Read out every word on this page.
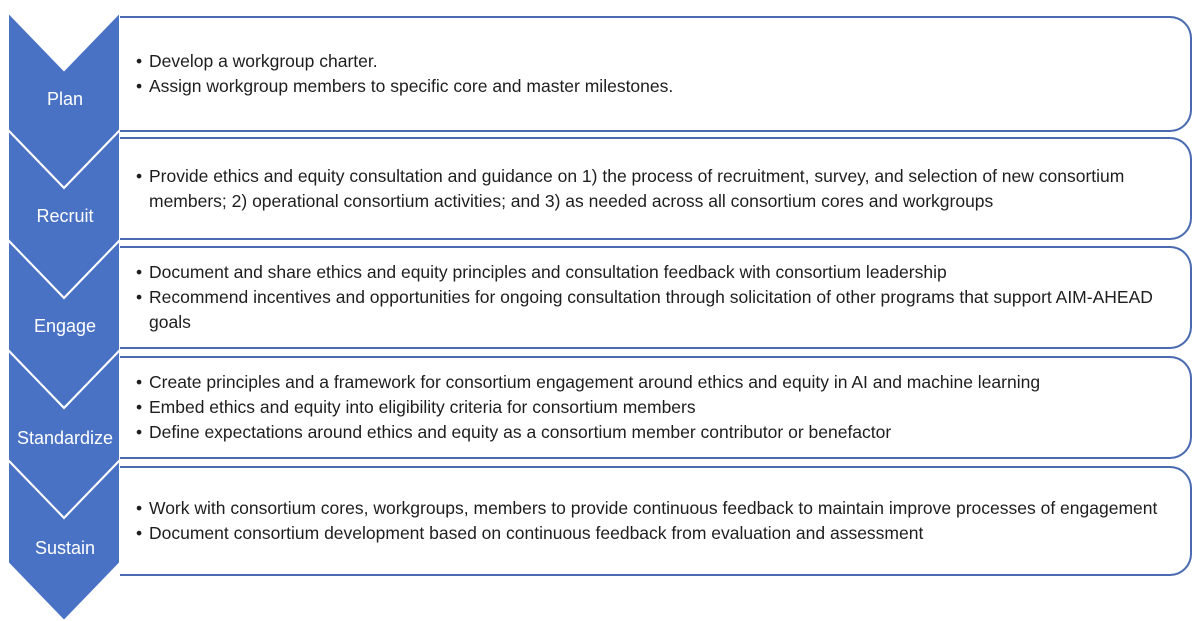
Plan
Recruit
Engage
Standardize
Sustain
• Develop a workgroup charter.
• Assign workgroup members to specific core and master milestones.
• Provide ethics and equity consultation and guidance on 1) the process of recruitment, survey, and selection of new consortium members; 2) operational consortium activities; and 3) as needed across all consortium cores and workgroups
• Document and share ethics and equity principles and consultation feedback with consortium leadership
• Recommend incentives and opportunities for ongoing consultation through solicitation of other programs that support AIM-AHEAD goals
• Create principles and a framework for consortium engagement around ethics and equity in AI and machine learning
• Embed ethics and equity into eligibility criteria for consortium members
• Define expectations around ethics and equity as a consortium member contributor or benefactor
• Work with consortium cores, workgroups, members to provide continuous feedback to maintain improve processes of engagement
• Document consortium development based on continuous feedback from evaluation and assessment
